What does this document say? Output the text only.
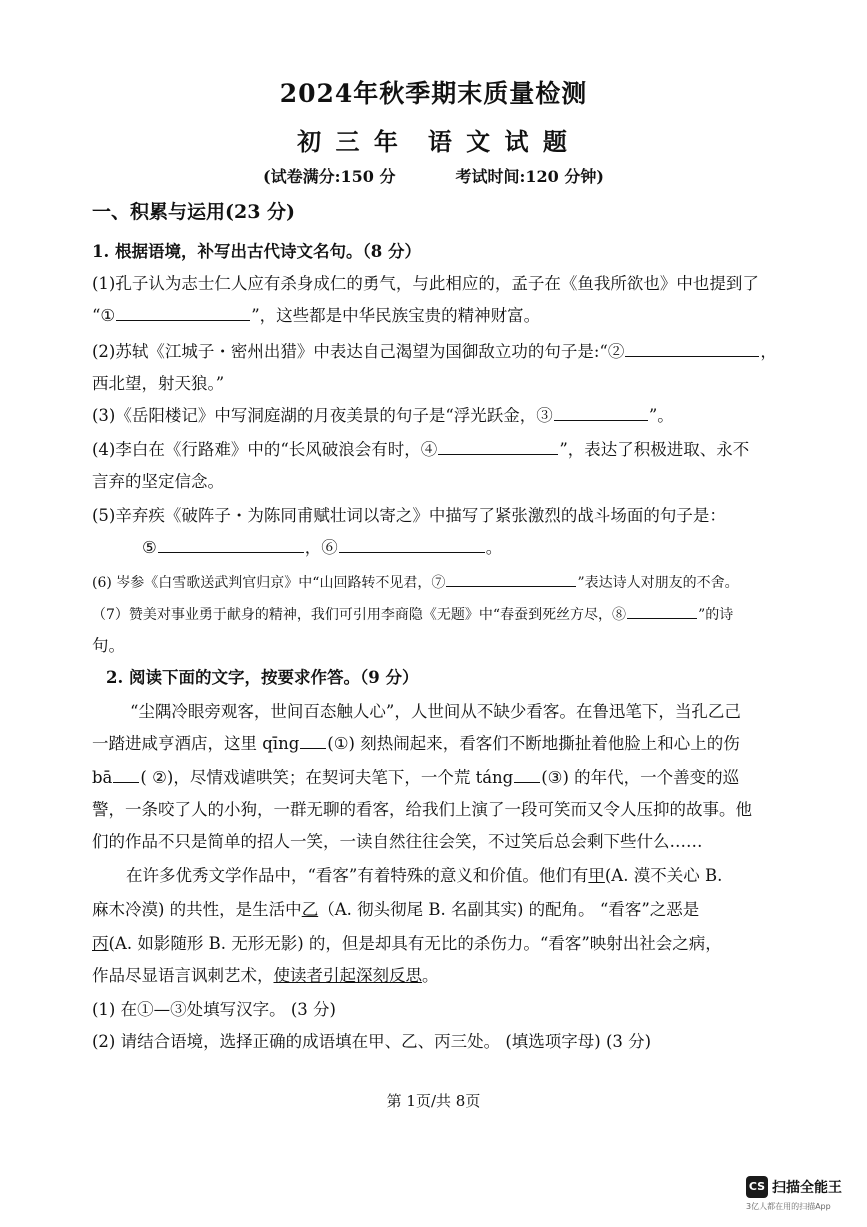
2024年秋季期末质量检测
初 三 年　语 文 试 题
(试卷满分:150 分	考试时间:120 分钟)
一、积累与运用(23 分)
1. 根据语境，补写出古代诗文名句。（8 分）
(1)孔子认为志士仁人应有杀身成仁的勇气，与此相应的，孟子在《鱼我所欲也》中也提到了
“①	”，这些都是中华民族宝贵的精神财富。
(2)苏轼《江城子・密州出猎》中表达自己渴望为国御敌立功的句子是:“②	，
西北望，射天狼。”
(3)《岳阳楼记》中写洞庭湖的月夜美景的句子是“浮光跃金，③	”。
(4)李白在《行路难》中的“长风破浪会有时，④	”，表达了积极进取、永不
言弃的坚定信念。
(5)辛弃疾《破阵子・为陈同甫赋壮词以寄之》中描写了紧张激烈的战斗场面的句子是：
⑤	，⑥	。
(6) 岑参《白雪歌送武判官归京》中“山回路转不见君，⑦	”表达诗人对朋友的不舍。
（7）赞美对事业勇于献身的精神，我们可引用李商隐《无题》中“春蚕到死丝方尽，⑧	”的诗
句。
2. 阅读下面的文字，按要求作答。（9 分）
“尘隅冷眼旁观客，世间百态触人心”，人世间从不缺少看客。在鲁迅笔下，当孔乙己
一踏进咸亨酒店，这里 qīng (①) 刻热闹起来，看客们不断地撕扯着他脸上和心上的伤
bā ( ②)，尽情戏谑哄笑；在契诃夫笔下，一个荒 táng (③) 的年代，一个善变的巡
警，一条咬了人的小狗，一群无聊的看客，给我们上演了一段可笑而又令人压抑的故事。他
们的作品不只是简单的招人一笑，一读自然往往会笑，不过笑后总会剩下些什么……
在许多优秀文学作品中，“看客”有着特殊的意义和价值。他们有甲(A. 漠不关心 B.
麻木冷漠) 的共性，是生活中乙（A. 彻头彻尾 B. 名副其实) 的配角。 “看客”之恶是
丙(A. 如影随形 B. 无形无影) 的，但是却具有无比的杀伤力。“看客”映射出社会之病，
作品尽显语言讽刺艺术，使读者引起深刻反思。
(1) 在①—③处填写汉字。 (3 分)
(2) 请结合语境，选择正确的成语填在甲、乙、丙三处。 (填选项字母) (3 分)
第 1页/共 8页
CS 扫描全能王
3亿人都在用的扫描App
